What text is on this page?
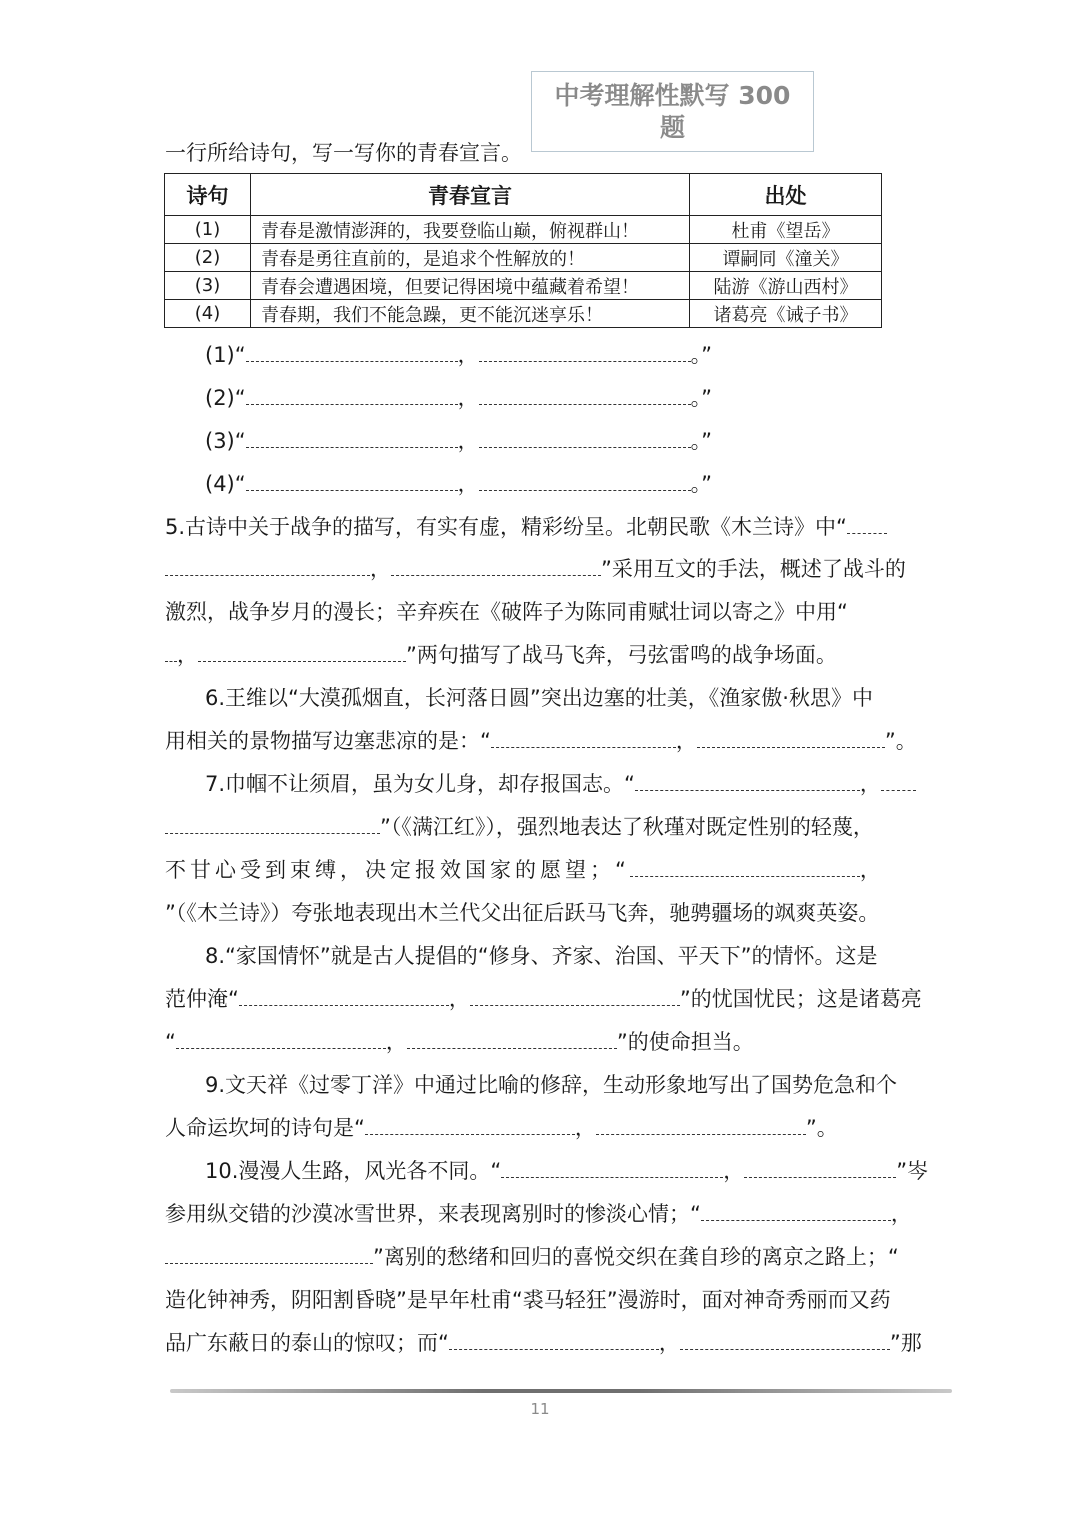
中考理解性默写 300 题
一行所给诗句，写一写你的青春宣言。
诗句	青春宣言	出处
(1)	青春是激情澎湃的，我要登临山巅，俯视群山！	杜甫《望岳》
(2)	青春是勇往直前的，是追求个性解放的！	谭嗣同《潼关》
(3)	青春会遭遇困境，但要记得困境中蕴藏着希望！	陆游《游山西村》
(4)	青春期，我们不能急躁，更不能沉迷享乐！	诸葛亮《诫子书》
(1)“	，	。”
(2)“	，	。”
(3)“	，	。”
(4)“	，	。”
5.古诗中关于战争的描写，有实有虚，精彩纷呈。北朝民歌《木兰诗》中“
，	”采用互文的手法，概述了战斗的
激烈，战争岁月的漫长；辛弃疾在《破阵子为陈同甫赋壮词以寄之》中用“
，	”两句描写了战马飞奔，弓弦雷鸣的战争场面。
6.王维以“大漠孤烟直，长河落日圆”突出边塞的壮美，《渔家傲·秋思》中
用相关的景物描写边塞悲凉的是：“	，	”。
7.巾帼不让须眉，虽为女儿身，却存报国志。“	，
”（《满江红》），强烈地表达了秋瑾对既定性别的轻蔑，
不甘心受到束缚，决定报效国家的愿望；“	，
”（《木兰诗》）夸张地表现出木兰代父出征后跃马飞奔，驰骋疆场的飒爽英姿。
8.“家国情怀”就是古人提倡的“修身、齐家、治国、平天下”的情怀。这是
范仲淹“	，	”的忧国忧民；这是诸葛亮
“	，	”的使命担当。
9.文天祥《过零丁洋》中通过比喻的修辞，生动形象地写出了国势危急和个
人命运坎坷的诗句是“	，	”。
10.漫漫人生路，风光各不同。“	，	”岑
参用纵交错的沙漠冰雪世界，来表现离别时的惨淡心情；“	，
”离别的愁绪和回归的喜悦交织在龚自珍的离京之路上；“
造化钟神秀，阴阳割昏晓”是早年杜甫“裘马轻狂”漫游时，面对神奇秀丽而又药
品广东蔽日的泰山的惊叹；而“	，	”那
11
